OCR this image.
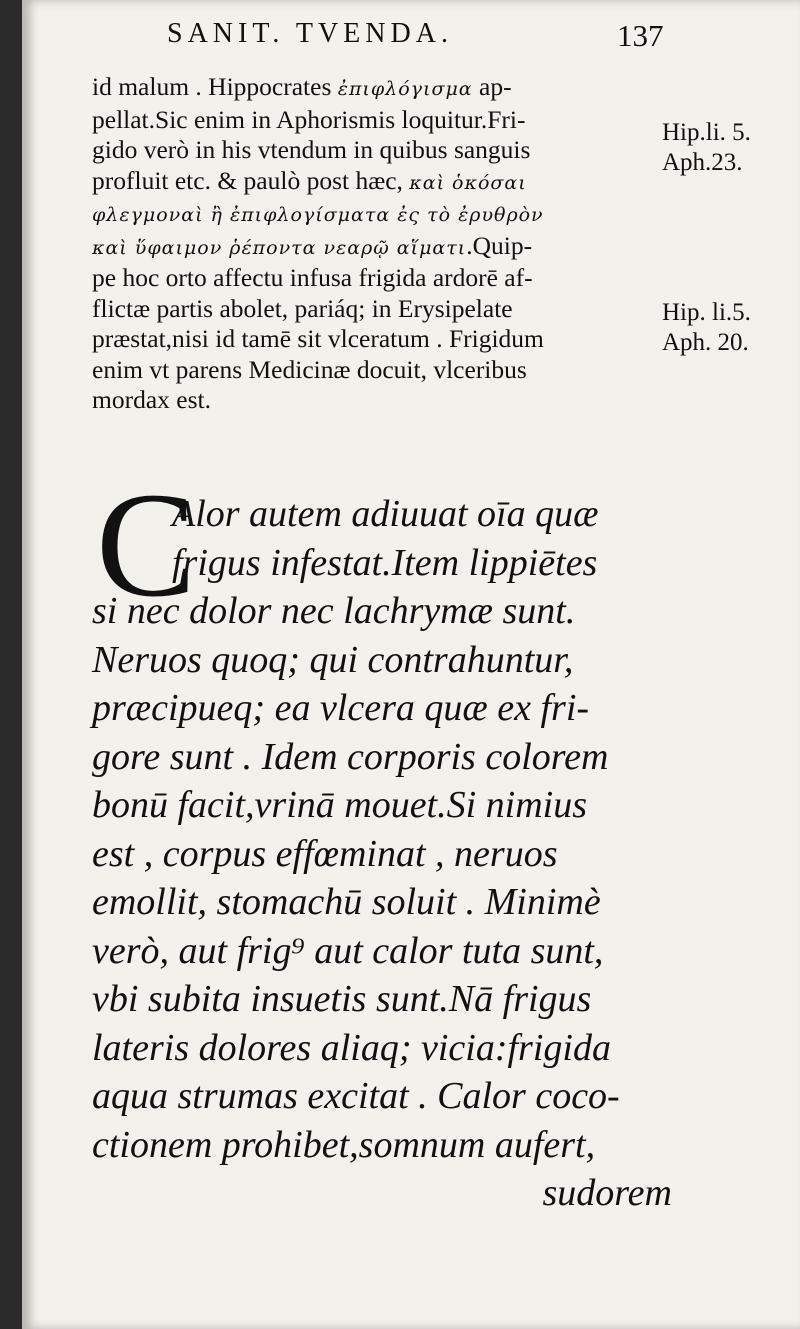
SANIT. TVENDA.	137
id malum . Hippocrates ἐπιφλόγισμα ap-
pellat.Sic enim in Aphorismis loquitur.Fri-
gido verò in his vtendum in quibus sanguis
profluit etc. & paulò post hæc, καὶ ὁκόσαι
φλεγμοναὶ ἢ ἐπιφλογίσματα ἐς τὸ ἐρυθρὸν
καὶ ὕφαιμον ῥέποντα νεαρῷ αἵματι.Quip-
pe hoc orto affectu infusa frigida ardorē af-
flictæ partis abolet, pariáq; in Erysipelate
præstat,nisi id tamē sit vlceratum . Frigidum
enim vt parens Medicinæ docuit, vlceribus
mordax est.
Hip.li. 5.
Aph.23.
Hip. li.5.
Aph. 20.
C
Alor autem adiuuat oīa quæ
frigus infestat.Item lippiētes
si nec dolor nec lachrymæ sunt.
Neruos quoq; qui contrahuntur,
præcipueq; ea vlcera quæ ex fri-
gore sunt . Idem corporis colorem
bonū facit,vrinā mouet.Si nimius
est , corpus effœminat , neruos
emollit, stomachū soluit . Minimè
verò, aut frig⁹ aut calor tuta sunt,
vbi subita insuetis sunt.Nā frigus
lateris dolores aliaq; vicia:frigida
aqua strumas excitat . Calor coco-
ctionem prohibet,somnum aufert,
sudorem
